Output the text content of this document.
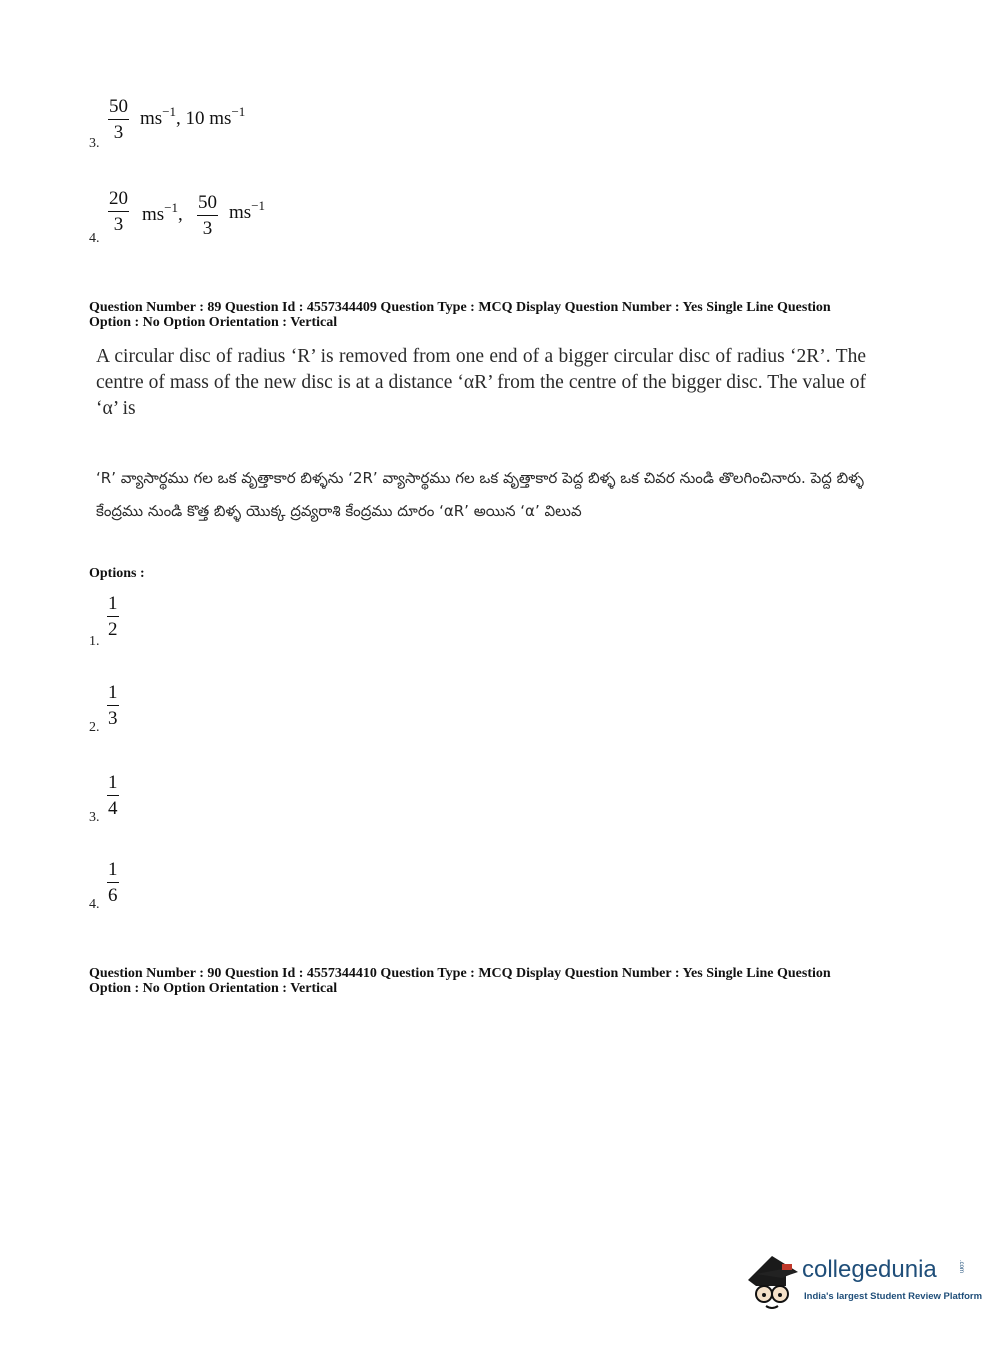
3.
50
3
$ms^{-1}$, 10 $ms^{-1}$
4.
20
3 $ms^{-1}$,
50
3
$ms^{-1}$
Question Number : 89 Question Id : 4557344409 Question Type : MCQ Display Question Number : Yes Single Line Question
Option : No Option Orientation : Vertical
A circular disc of radius ‘R’ is removed from one end of a bigger circular disc of radius ‘2R’. The centre of mass of the new disc is at a distance ‘αR’ from the centre of the bigger disc. The value of ‘α’ is
‘R’ వ్యాసార్థము గల ఒక వృత్తాకార బిళ్ళను ‘2R’ వ్యాసార్థము గల ఒక వృత్తాకార పెద్ద బిళ్ళ ఒక చివర నుండి తొలగించినారు. పెద్ద బిళ్ళ కేంద్రము నుండి కొత్త బిళ్ళ యొక్క ద్రవ్యరాశి కేంద్రము దూరం ‘αR’ అయిన ‘α’ విలువ
Options :
1.
1
2
2.
1
3
3.
1
4
4.
1
6
Question Number : 90 Question Id : 4557344410 Question Type : MCQ Display Question Number : Yes Single Line Question
Option : No Option Orientation : Vertical
collegedunia	.com
India's largest Student Review Platform
